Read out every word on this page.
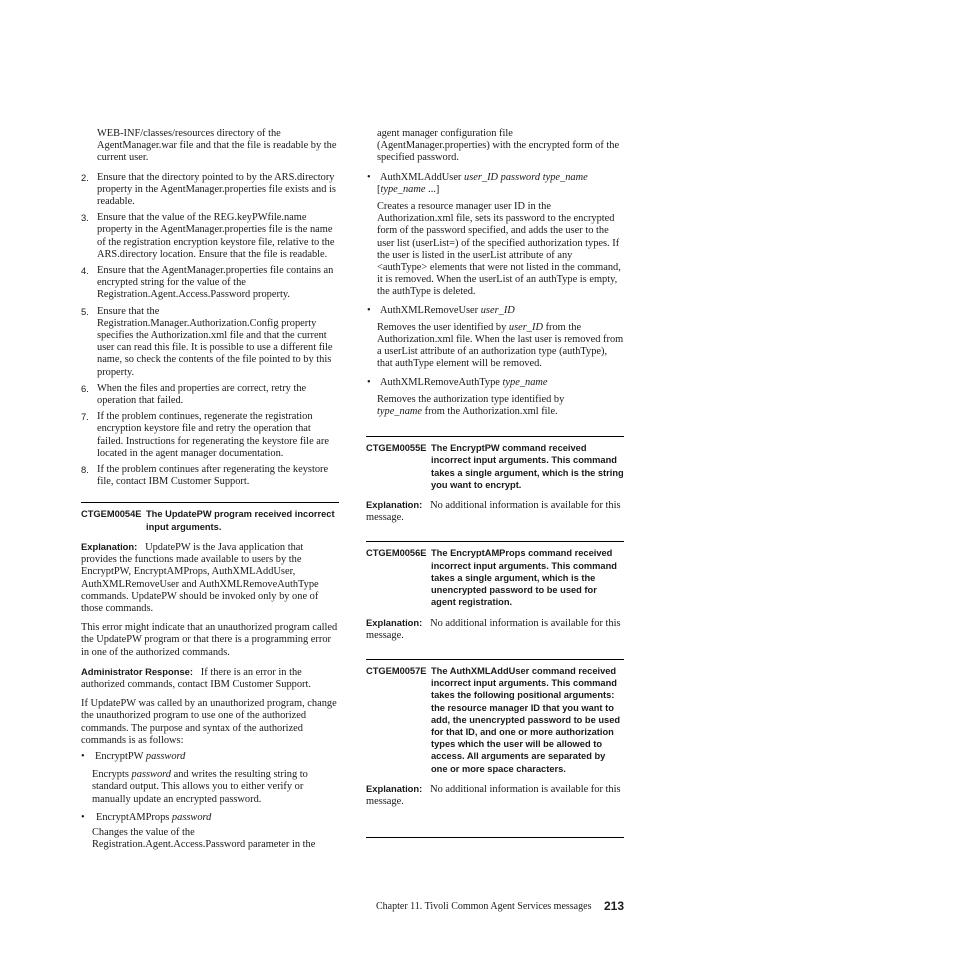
WEB-INF/classes/resources directory of the AgentManager.war file and that the file is readable by the current user.

2. Ensure that the directory pointed to by the ARS.directory property in the AgentManager.properties file exists and is readable.
3. Ensure that the value of the REG.keyPWfile.name property in the AgentManager.properties file is the name of the registration encryption keystore file, relative to the ARS.directory location. Ensure that the file is readable.
4. Ensure that the AgentManager.properties file contains an encrypted string for the value of the Registration.Agent.Access.Password property.
5. Ensure that the Registration.Manager.Authorization.Config property specifies the Authorization.xml file and that the current user can read this file. It is possible to use a different file name, so check the contents of the file pointed to by this property.
6. When the files and properties are correct, retry the operation that failed.
7. If the problem continues, regenerate the registration encryption keystore file and retry the operation that failed. Instructions for regenerating the keystore file are located in the agent manager documentation.
8. If the problem continues after regenerating the keystore file, contact IBM Customer Support.
CTGEM0054E The UpdatePW program received incorrect input arguments.

Explanation: UpdatePW is the Java application that provides the functions made available to users by the EncryptPW, EncryptAMProps, AuthXMLAddUser, AuthXMLRemoveUser and AuthXMLRemoveAuthType commands. UpdatePW should be invoked only by one of those commands.

This error might indicate that an unauthorized program called the UpdatePW program or that there is a programming error in one of the authorized commands.

Administrator Response: If there is an error in the authorized commands, contact IBM Customer Support.

If UpdatePW was called by an unauthorized program, change the unauthorized program to use one of the authorized commands. The purpose and syntax of the authorized commands is as follows:

• EncryptPW password

Encrypts password and writes the resulting string to standard output. This allows you to either verify or manually update an encrypted password.

• EncryptAMProps password

Changes the value of the Registration.Agent.Access.Password parameter in the

agent manager configuration file (AgentManager.properties) with the encrypted form of the specified password.

• AuthXMLAddUser user_ID password type_name
[type_name ...]

Creates a resource manager user ID in the Authorization.xml file, sets its password to the encrypted form of the password specified, and adds the user to the user list (userList=) of the specified authorization types. If the user is listed in the userList attribute of any <authType> elements that were not listed in the command, it is removed. When the userList of an authType is empty, the authType is deleted.

• AuthXMLRemoveUser user_ID

Removes the user identified by user_ID from the Authorization.xml file. When the last user is removed from a userList attribute of an authorization type (authType), that authType element will be removed.

• AuthXMLRemoveAuthType type_name

Removes the authorization type identified by
type_name from the Authorization.xml file.

CTGEM0055E The EncryptPW command received incorrect input arguments. This command takes a single argument, which is the string you want to encrypt.

Explanation: No additional information is available for this message.

CTGEM0056E The EncryptAMProps command received incorrect input arguments. This command takes a single argument, which is the unencrypted password to be used for agent registration.

Explanation: No additional information is available for this message.

CTGEM0057E The AuthXMLAddUser command received incorrect input arguments. This command takes the following positional arguments: the resource manager ID that you want to add, the unencrypted password to be used for that ID, and one or more authorization types which the user will be allowed to access. All arguments are separated by one or more space characters.

Explanation: No additional information is available for this message.

Chapter 11. Tivoli Common Agent Services messages 213
